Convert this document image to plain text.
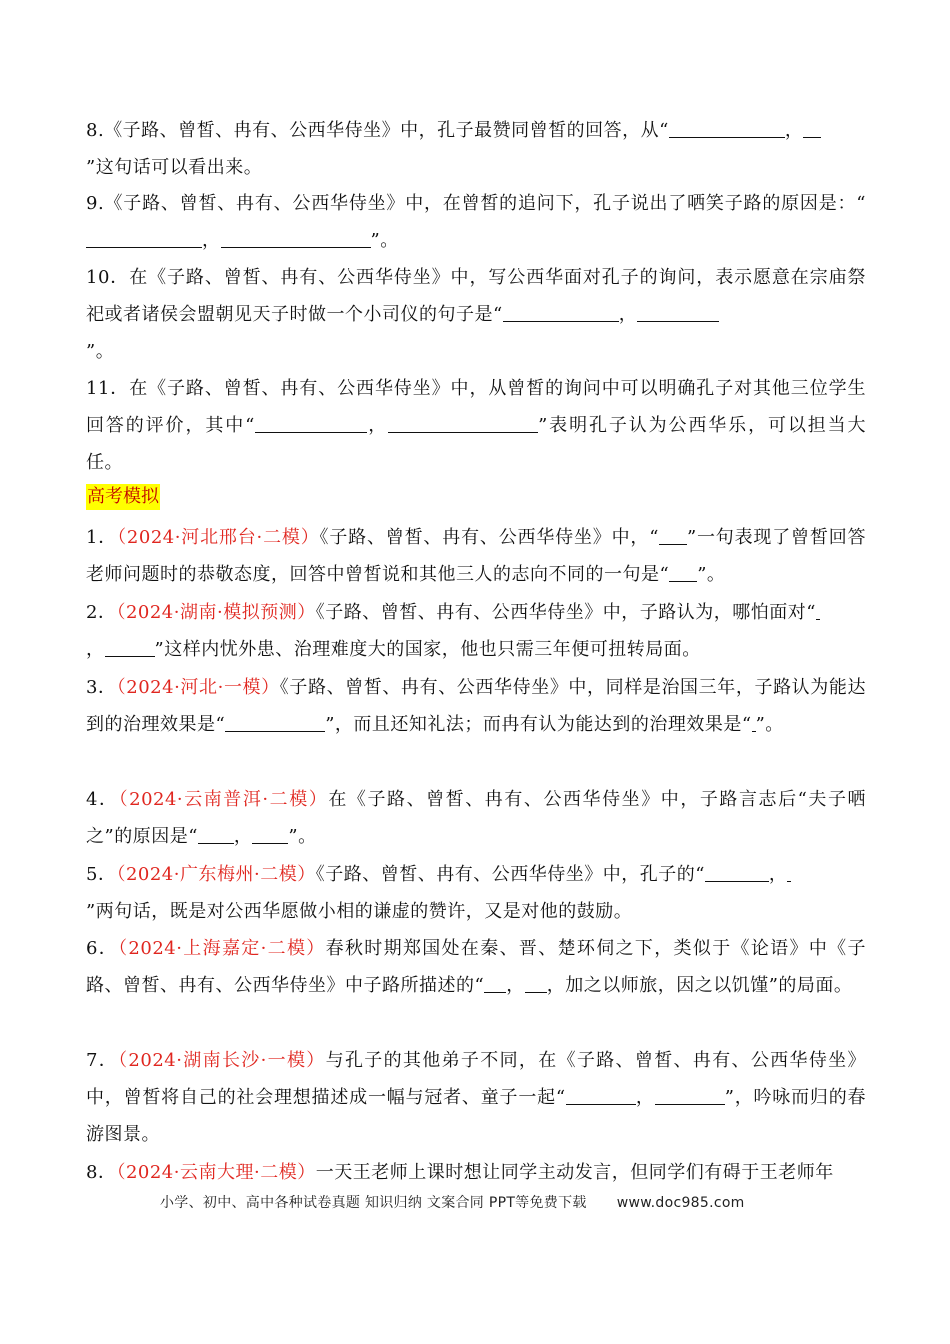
8.《子路、曾皙、冉有、公西华侍坐》中，孔子最赞同曾皙的回答，从“	，
”这句话可以看出来。
9.《子路、曾皙、冉有、公西华侍坐》中，在曾皙的追问下，孔子说出了哂笑子路的原因是：“，	”。
10．在《子路、曾皙、冉有、公西华侍坐》中，写公西华面对孔子的询问，表示愿意在宗庙祭祀或者诸侯会盟朝见天子时做一个小司仪的句子是“	，
”。
11．在《子路、曾皙、冉有、公西华侍坐》中，从曾皙的询问中可以明确孔子对其他三位学生回答的评价，其中“	，	”表明孔子认为公西华乐，可以担当大任。
高考模拟
1．（2024·河北邢台·二模）《子路、曾皙、冉有、公西华侍坐》中，“ ”一句表现了曾皙回答老师问题时的恭敬态度，回答中曾皙说和其他三人的志向不同的一句是“ ”。
2．（2024·湖南·模拟预测）《子路、曾皙、冉有、公西华侍坐》中，子路认为，哪怕面对“
，	”这样内忧外患、治理难度大的国家，他也只需三年便可扭转局面。
3．（2024·河北·一模）《子路、曾皙、冉有、公西华侍坐》中，同样是治国三年，子路认为能达到的治理效果是“	”，而且还知礼法；而冉有认为能达到的治理效果是“ ”。
4．（2024·云南普洱·二模）在《子路、曾皙、冉有、公西华侍坐》中，子路言志后“夫子哂之”的原因是“ ， ”。
5．（2024·广东梅州·二模）《子路、曾皙、冉有、公西华侍坐》中，孔子的“	，
”两句话，既是对公西华愿做小相的谦虚的赞许，又是对他的鼓励。
6．（2024·上海嘉定·二模）春秋时期郑国处在秦、晋、楚环伺之下，类似于《论语》中《子路、曾皙、冉有、公西华侍坐》中子路所描述的“ ， ，加之以师旅，因之以饥馑”的局面。
7．（2024·湖南长沙·一模）与孔子的其他弟子不同，在《子路、曾皙、冉有、公西华侍坐》中，曾皙将自己的社会理想描述成一幅与冠者、童子一起“	，	”，吟咏而归的春游图景。
8．（2024·云南大理·二模）一天王老师上课时想让同学主动发言，但同学们有碍于王老师年
小学、初中、高中各种试卷真题 知识归纳 文案合同 PPT等免费下载 www.doc985.com
